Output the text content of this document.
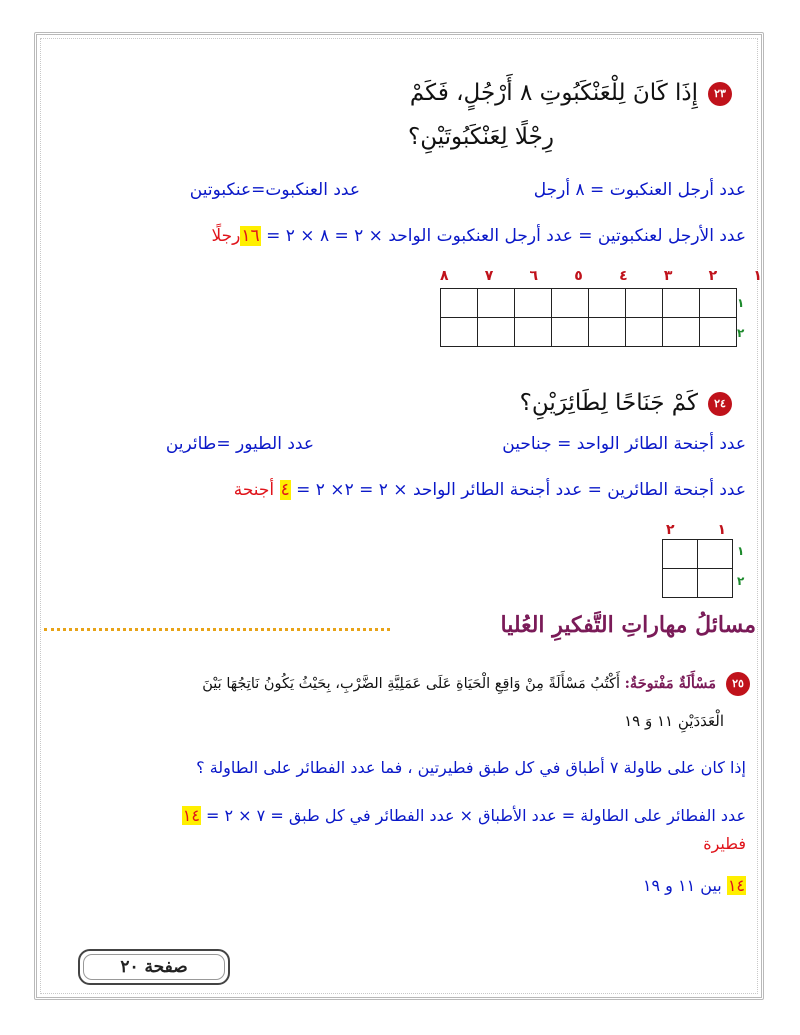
٢٣إِذَا كَانَ لِلْعَنْكَبُوتِ ٨ أَرْجُلٍ، فَكَمْ
رِجْلًا لِعَنْكَبُوتَيْنِ؟
عدد أرجل العنكبوت = ٨ أرجل
عدد العنكبوت=عنكبوتين
عدد الأرجل لعنكبوتين = عدد أرجل العنكبوت الواحد × ٢ = ٨ × ٢ = ١٦رجلًا
٨	٧	٦	٥	٤	٣	٢	١

١
٢
٢٤كَمْ جَنَاحًا لِطَائِرَيْنِ؟
عدد أجنحة الطائر الواحد = جناحين
عدد الطيور =طائرين
عدد أجنحة الطائرين = عدد أجنحة الطائر الواحد × ٢ = ٢× ٢ = ٤ أجنحة
٢	١

١
٢
مسائلُ مهاراتِ التَّفكيرِ العُليا
٢٥مَسْأَلَةٌ مَفْتوحَةٌ: أَكْتُبُ مَسْأَلَةً مِنْ وَاقِعِ الْحَيَاةِ عَلَى عَمَلِيَّةِ الضَّرْبِ، بِحَيْثُ يَكُونُ نَاتِجُهَا بَيْنَ
الْعَدَدَيْنِ ١١ وَ ١٩
إذا كان على طاولة ٧ أطباق في كل طبق فطيرتين ، فما عدد الفطائر على الطاولة ؟
عدد الفطائر على الطاولة = عدد الأطباق × عدد الفطائر في كل طبق = ٧ × ٢ = ١٤
فطيرة
١٤ بين ١١ و ١٩
صفحة ٢٠
